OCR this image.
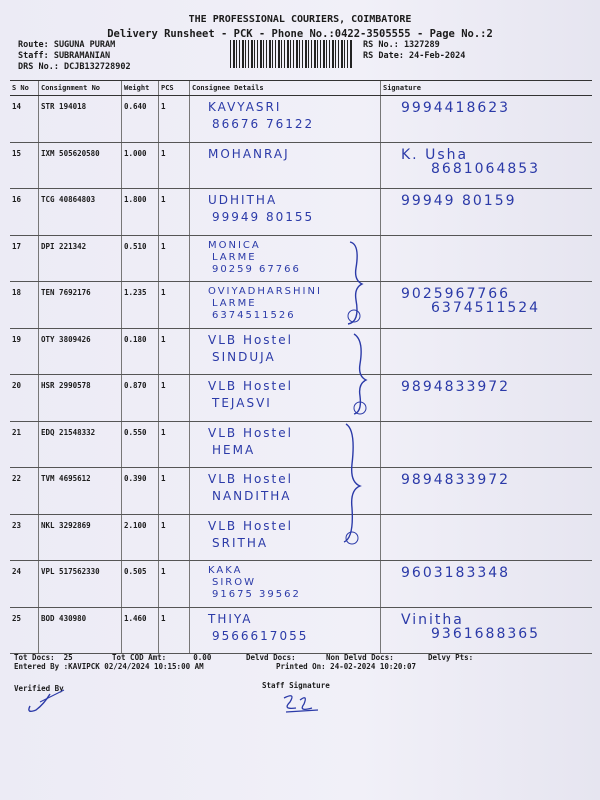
THE PROFESSIONAL COURIERS, COIMBATORE
Delivery Runsheet - PCK - Phone No.:0422-3505555 - Page No.:2
Route: SUGUNA PURAM
Staff: SUBRAMANIAN
DRS No.: DCJB132728902
RS No.: 1327289
RS Date: 24-Feb-2024
S No	Consignment No	Weight	PCS	Consignee Details	Signature
14	STR 194018	0.640	1	KAVYASRI
86676 76122	9994418623

15	IXM 505620580	1.000	1	MOHANRAJ	K. Usha
8681064853

16	TCG 40864803	1.800	1	UDHITHA
99949 80155	99949 80159

17	DPI 221342	0.510	1	MONICA
LARME
90259 67766	

18	TEN 7692176	1.235	1	OVIYADHARSHINI
LARME
6374511526	9025967766
6374511524

19	OTY 3809426	0.180	1	VLB Hostel
SINDUJA	

20	HSR 2990578	0.870	1	VLB Hostel
TEJASVI	9894833972

21	EDQ 21548332	0.550	1	VLB Hostel
HEMA	

22	TVM 4695612	0.390	1	VLB Hostel
NANDITHA	9894833972

23	NKL 3292869	2.100	1	VLB Hostel
SRITHA	

24	VPL 517562330	0.505	1	KAKA
SIROW
91675 39562	9603183348

25	BOD 430980	1.460	1	THIYA
9566617055	Vinitha
9361688365
Tot Docs:  25	Tot COD Amt:      0.00	Delvd Docs:	Non Delvd Docs:	Delvy Pts:
Entered By :KAVIPCK 02/24/2024 10:15:00 AM	Printed On: 24-02-2024 10:20:07
Verified By	Staff Signature
